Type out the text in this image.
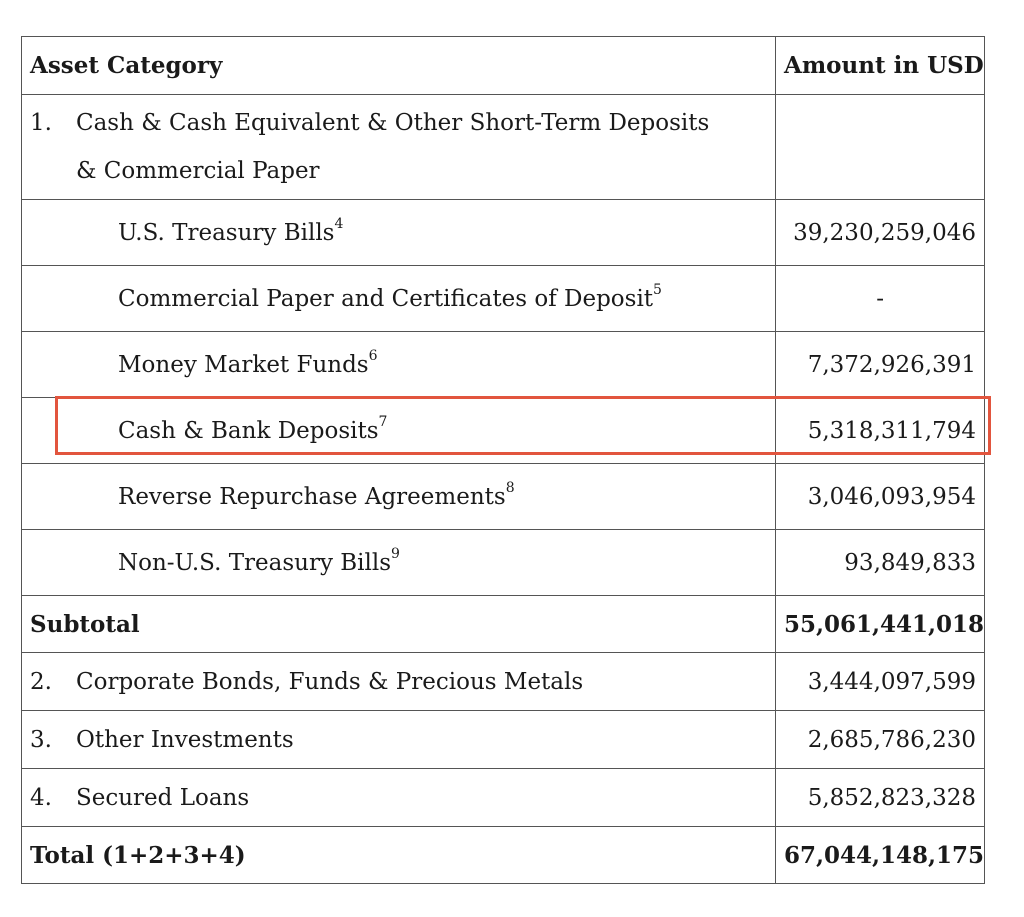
Asset Category	Amount in USD

1. Cash & Cash Equivalent & Other Short-Term Deposits & Commercial Paper	

U.S. Treasury Bills$^4$	39,230,259,046
Commercial Paper and Certificates of Deposit$^5$	-
Money Market Funds$^6$	7,372,926,391
Cash & Bank Deposits$^7$	5,318,311,794
Reverse Repurchase Agreements$^8$	3,046,093,954
Non-U.S. Treasury Bills$^9$	93,849,833
Subtotal	55,061,441,018
2. Corporate Bonds, Funds & Precious Metals	3,444,097,599
3. Other Investments	2,685,786,230
4. Secured Loans	5,852,823,328
Total (1+2+3+4)	67,044,148,175
